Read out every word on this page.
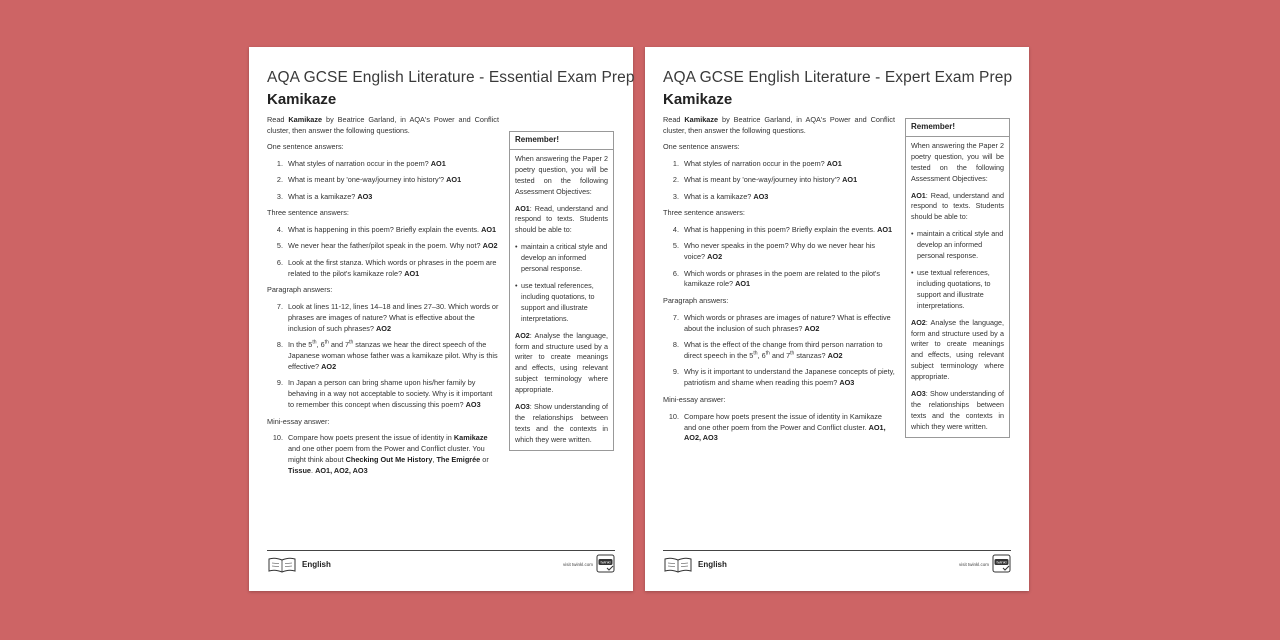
AQA GCSE English Literature - Essential Exam Prep
Kamikaze

Read Kamikaze by Beatrice Garland, in AQA's Power and Conflict cluster, then answer the following questions.

One sentence answers:

1. What styles of narration occur in the poem? AO1
2. What is meant by 'one-way/journey into history'? AO1
3. What is a kamikaze? AO3

Three sentence answers:

4. What is happening in this poem? Briefly explain the events. AO1
5. We never hear the father/pilot speak in the poem. Why not? AO2
6. Look at the first stanza. Which words or phrases in the poem are related to the pilot's kamikaze role? AO1

Paragraph answers:

7. Look at lines 11-12, lines 14–18 and lines 27–30. Which words or phrases are images of nature? What is effective about the inclusion of such phrases? AO2
8. In the 5th, 6th and 7th stanzas we hear the direct speech of the Japanese woman whose father was a kamikaze pilot. Why is this effective? AO2
9. In Japan a person can bring shame upon his/her family by behaving in a way not acceptable to society. Why is it important to remember this concept when discussing this poem? AO3

Mini-essay answer:

10. Compare how poets present the issue of identity in Kamikaze and one other poem from the Power and Conflict cluster. You might think about Checking Out Me History, The Emigrée or Tissue. AO1, AO2, AO3
Remember!

When answering the Paper 2 poetry question, you will be tested on the following Assessment Objectives:

AO1: Read, understand and respond to texts. Students should be able to:

• maintain a critical style and develop an informed personal response.
• use textual references, including quotations, to support and illustrate interpretations.

AO2: Analyse the language, form and structure used by a writer to create meanings and effects, using relevant subject terminology where appropriate.

AO3: Show understanding of the relationships between texts and the contexts in which they were written.

English	visit twinkl.com twinkl
AQA GCSE English Literature - Expert Exam Prep
Kamikaze

Read Kamikaze by Beatrice Garland, in AQA's Power and Conflict cluster, then answer the following questions.

One sentence answers:

1. What styles of narration occur in the poem? AO1
2. What is meant by 'one-way/journey into history'? AO1
3. What is a kamikaze? AO3

Three sentence answers:

4. What is happening in this poem? Briefly explain the events. AO1
5. Who never speaks in the poem? Why do we never hear his voice? AO2
6. Which words or phrases in the poem are related to the pilot's kamikaze role? AO1

Paragraph answers:

7. Which words or phrases are images of nature? What is effective about the inclusion of such phrases? AO2
8. What is the effect of the change from third person narration to direct speech in the 5th, 6th and 7th stanzas? AO2
9. Why is it important to understand the Japanese concepts of piety, patriotism and shame when reading this poem? AO3

Mini-essay answer:

10. Compare how poets present the issue of identity in Kamikaze and one other poem from the Power and Conflict cluster. AO1, AO2, AO3
Remember!

When answering the Paper 2 poetry question, you will be tested on the following Assessment Objectives:

AO1: Read, understand and respond to texts. Students should be able to:

• maintain a critical style and develop an informed personal response.
• use textual references, including quotations, to support and illustrate interpretations.

AO2: Analyse the language, form and structure used by a writer to create meanings and effects, using relevant subject terminology where appropriate.

AO3: Show understanding of the relationships between texts and the contexts in which they were written.

English	visit twinkl.com twinkl
